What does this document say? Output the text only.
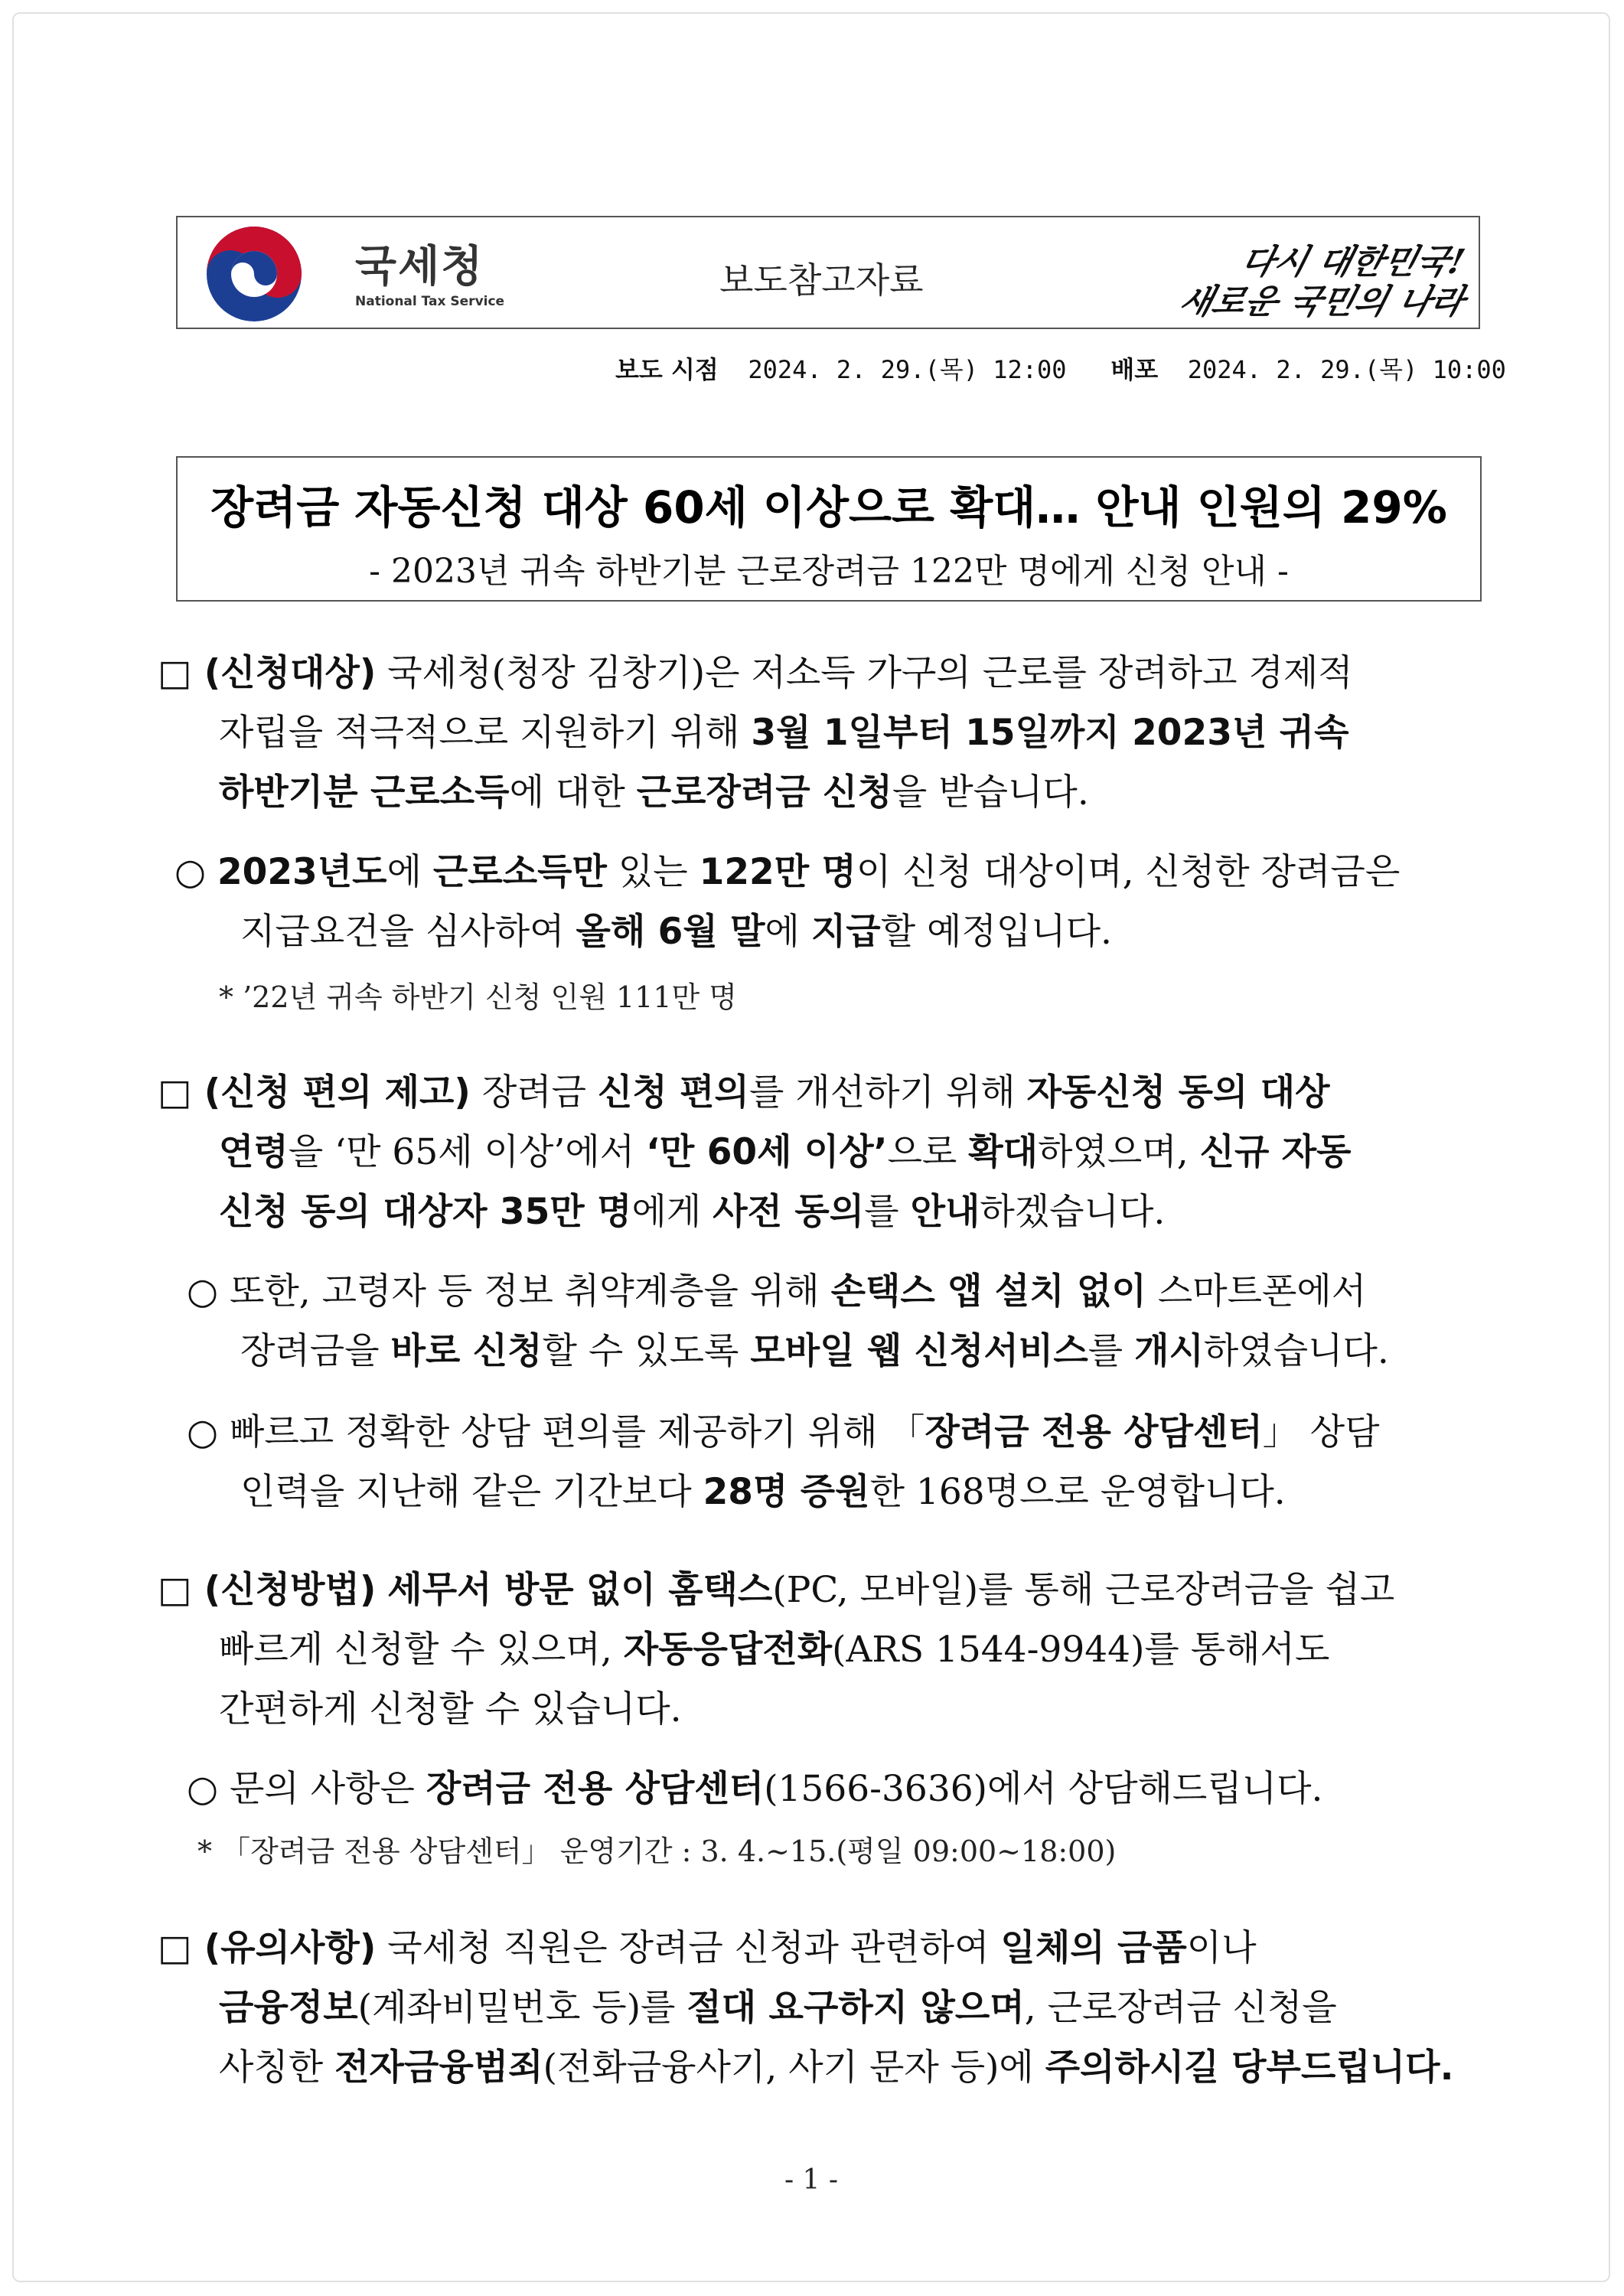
국세청
National Tax Service
보도참고자료	다시 대한민국!
새로운 국민의 나라
보도 시점 2024. 2. 29.(목) 12:00 배포 2024. 2. 29.(목) 10:00
장려금 자동신청 대상 60세 이상으로 확대… 안내 인원의 29%
- 2023년 귀속 하반기분 근로장려금 122만 명에게 신청 안내 -
□ (신청대상) 국세청(청장 김창기)은 저소득 가구의 근로를 장려하고 경제적
자립을 적극적으로 지원하기 위해 3월 1일부터 15일까지 2023년 귀속
하반기분 근로소득에 대한 근로장려금 신청을 받습니다.
○ 2023년도에 근로소득만 있는 122만 명이 신청 대상이며, 신청한 장려금은
지급요건을 심사하여 올해 6월 말에 지급할 예정입니다.
* ’22년 귀속 하반기 신청 인원 111만 명
□ (신청 편의 제고) 장려금 신청 편의를 개선하기 위해 자동신청 동의 대상
연령을 ‘만 65세 이상’에서 ‘만 60세 이상’으로 확대하였으며, 신규 자동
신청 동의 대상자 35만 명에게 사전 동의를 안내하겠습니다.
○ 또한, 고령자 등 정보 취약계층을 위해 손택스 앱 설치 없이 스마트폰에서
장려금을 바로 신청할 수 있도록 모바일 웹 신청서비스를 개시하였습니다.
○ 빠르고 정확한 상담 편의를 제공하기 위해 「장려금 전용 상담센터」 상담
인력을 지난해 같은 기간보다 28명 증원한 168명으로 운영합니다.
□ (신청방법) 세무서 방문 없이 홈택스(PC, 모바일)를 통해 근로장려금을 쉽고
빠르게 신청할 수 있으며, 자동응답전화(ARS 1544-9944)를 통해서도
간편하게 신청할 수 있습니다.
○ 문의 사항은 장려금 전용 상담센터(1566-3636)에서 상담해드립니다.
* 「장려금 전용 상담센터」 운영기간 : 3. 4.~15.(평일 09:00~18:00)
□ (유의사항) 국세청 직원은 장려금 신청과 관련하여 일체의 금품이나
금융정보(계좌비밀번호 등)를 절대 요구하지 않으며, 근로장려금 신청을
사칭한 전자금융범죄(전화금융사기, 사기 문자 등)에 주의하시길 당부드립니다.
- 1 -
